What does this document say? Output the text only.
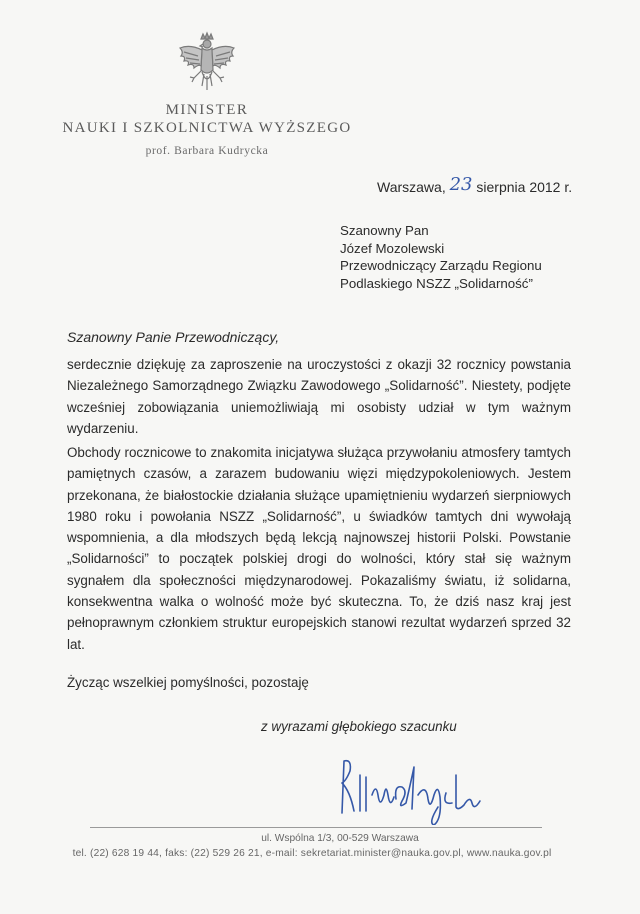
MINISTER
NAUKI I SZKOLNICTWA WYŻSZEGO
prof. Barbara Kudrycka
Warszawa, 23 sierpnia 2012 r.
Szanowny Pan
Józef Mozolewski
Przewodniczący Zarządu Regionu
Podlaskiego NSZZ „Solidarność”
Szanowny Panie Przewodniczący,
serdecznie dziękuję za zaproszenie na uroczystości z okazji 32 rocznicy powstania Niezależnego Samorządnego Związku Zawodowego „Solidarność”. Niestety, podjęte wcześniej zobowiązania uniemożliwiają mi osobisty udział w tym ważnym wydarzeniu.
Obchody rocznicowe to znakomita inicjatywa służąca przywołaniu atmosfery tamtych pamiętnych czasów, a zarazem budowaniu więzi międzypokoleniowych. Jestem przekonana, że białostockie działania służące upamiętnieniu wydarzeń sierpniowych 1980 roku i powołania NSZZ „Solidarność”, u świadków tamtych dni wywołają wspomnienia, a dla młodszych będą lekcją najnowszej historii Polski. Powstanie „Solidarności” to początek polskiej drogi do wolności, który stał się ważnym sygnałem dla społeczności międzynarodowej. Pokazaliśmy światu, iż solidarna, konsekwentna walka o wolność może być skuteczna. To, że dziś nasz kraj jest pełnoprawnym członkiem struktur europejskich stanowi rezultat wydarzeń sprzed 32 lat.
Życząc wszelkiej pomyślności, pozostaję
z wyrazami głębokiego szacunku
ul. Wspólna 1/3, 00-529 Warszawa
tel. (22) 628 19 44, faks: (22) 529 26 21, e-mail: sekretariat.minister@nauka.gov.pl, www.nauka.gov.pl
